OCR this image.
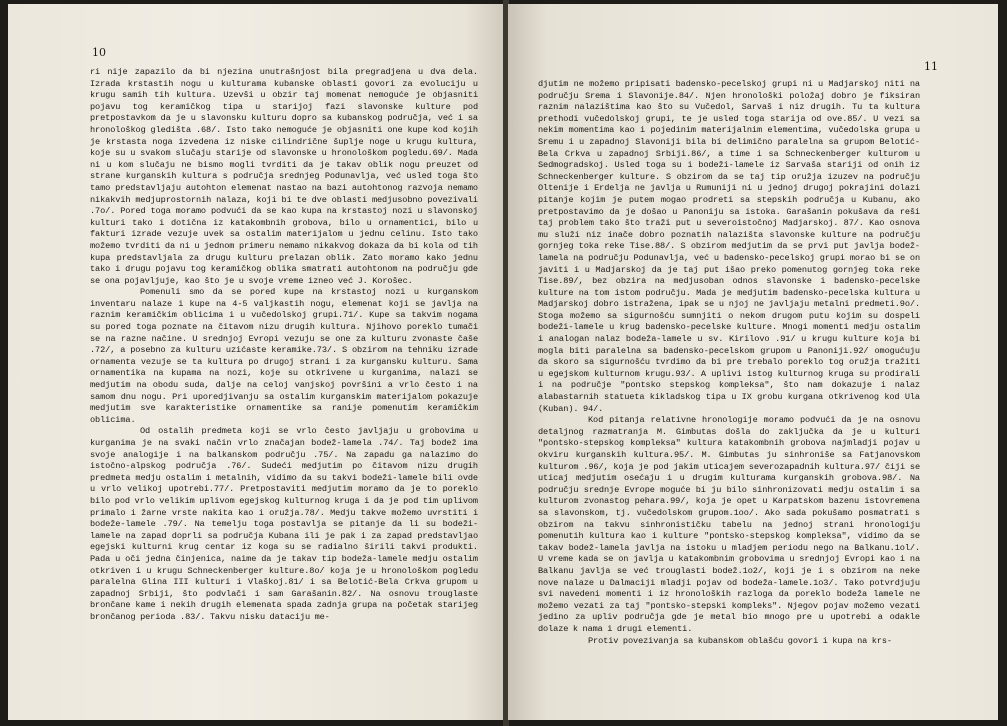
10

ri nije zapazilo da bi njezina unutrašnjost bila pregradjena u dva dela. Izrada krstastih nogu u kulturama kubanske oblasti govori za evoluciju u krugu samih tih kultura. Uzevši u obzir taj momenat nemoguće je objasniti pojavu tog keramičkog tipa u starijoj fazi slavonske kulture pod pretpostavkom da je u slavonsku kulturu dopro sa kubanskog područja, već i sa hronološkog gledišta .68/. Isto tako nemoguće je objasniti one kupe kod kojih je krstasta noga izvedena iz niske cilindrične šuplje noge u krugu kultura, koje su u svakom slučaju starije od slavonske u hronološkom pogledu.69/. Mada ni u kom slučaju ne bismo mogli tvrditi da je takav oblik nogu preuzet od strane kurganskih kultura s područja srednjeg Podunavlja, već usled toga što tamo predstavljaju autohton elemenat nastao na bazi autohtonog razvoja nemamo nikakvih medjuprostornih nalaza, koji bi te dve oblasti medjusobno povezivali .7o/. Pored toga moramo podvući da se kao kupa na krstastoj nozi u slavonskoj kulturi tako i dotična iz katakombnih grobova, bilo u ornamentici, bilo u fakturi izrade vezuje uvek sa ostalim materijalom u jednu celinu. Isto tako možemo tvrditi da ni u jednom primeru nemamo nikakvog dokaza da bi kola od tih kupa predstavljala za drugu kulturu prelazan oblik. Zato moramo kako jednu tako i drugu pojavu tog keramičkog oblika smatrati autohtonom na području gde se ona pojavljuje, kao što je u svoje vreme izneo već J. Korošec.

Pomenuli smo da se pored kupe na krstastoj nozi u kurganskom inventaru nalaze i kupe na 4-5 valjkastih nogu, elemenat koji se javlja na raznim keramičkim oblicima i u vučedolskoj grupi.71/. Kupe sa takvim nogama su pored toga poznate na čitavom nizu drugih kultura. Njihovo poreklo tumači se na razne načine. U srednjoj Evropi vezuju se one za kulturu zvonaste čaše .72/, a posebno za kulturu uzićaste keramike.73/. S obzirom na tehniku izrade ornamenta vezuje se ta kultura po drugoj strani i za kurgansku kulturu. Sama ornamentika na kupama na nozi, koje su otkrivene u kurganima, nalazi se medjutim na obodu suda, dalje na celoj vanjskoj površini a vrlo često i na samom dnu nogu. Pri uporedjivanju sa ostalim kurganskim materijalom pokazuje medjutim sve karakteristike ornamentike sa ranije pomenutim keramičkim oblicima.

Od ostalih predmeta koji se vrlo često javljaju u grobovima u kurganima je na svaki način vrlo značajan bodež-lamela .74/. Taj bodež ima svoje analogije i na balkanskom području .75/. Na zapadu ga nalazimo do istočno-alpskog područja .76/. Sudeći medjutim po čitavom nizu drugih predmeta medju ostalim i metalnih, vidimo da su takvi bodeži-lamele bili ovde u vrlo velikoj upotrebi.77/. Pretpostaviti medjutim moramo da je to poreklo bilo pod vrlo velikim uplivom egejskog kulturnog kruga i da je pod tim uplivom primalo i žarne vrste nakita kao i oružja.78/. Medju takve možemo uvrstiti i bodeže-lamele .79/. Na temelju toga postavlja se pitanje da li su bodeži-lamele na zapad doprli sa područja Kubana ili je pak i za zapad predstavljao egejski kulturni krug centar iz koga su se radialno širili takvi produkti. Pada u oči jedna činjenica, naime da je takav tip bodeža-lamele medju ostalim otkriven i u krugu Schneckenberger kulture.8o/ koja je u hronološkom pogledu paralelna Glina III kulturi i Vlaškoj.81/ i sa Belotić-Bela Crkva grupom u zapadnoj Srbiji, što podvlači i sam Garašanin.82/. Na osnovu trouglaste brončane kame i nekih drugih elemenata spada zadnja grupa na početak starijeg brončanog perioda .83/. Takvu nisku dataciju me-

11

djutim ne možemo pripisati badensko-pecelskoj grupi ni u Madjarskoj niti na području Srema i Slavonije.84/. Njen hronološki položaj dobro je fiksiran raznim nalazištima kao što su Vučedol, Sarvaš i niz drugih. Tu ta kultura prethodi vučedolskoj grupi, te je usled toga starija od ove.85/. U vezi sa nekim momentima kao i pojedinim materijalnim elementima, vučedolska grupa u Sremu i u zapadnoj Slavoniji bila bi delimično paralelna sa grupom Belotić-Bela Crkva u zapadnoj Srbiji.86/, a time i sa Schneckenberger kulturom u Sedmogradskoj. Usled toga su i bodeži-lamele iz Sarvaša stariji od onih iz Schneckenberger kulture. S obzirom da se taj tip oružja izuzev na području Oltenije i Erdelja ne javlja u Rumuniji ni u jednoj drugoj pokrajini dolazi pitanje kojim je putem mogao prodreti sa stepskih područja u Kubanu, ako pretpostavimo da je došao u Panoniju sa istoka. Garašanin pokušava da reši taj problem tako što traži put u severoistočnoj Madjarskoj. 87/. Kao osnova mu služi niz inače dobro poznatih nalazišta slavonske kulture na području gornjeg toka reke Tise.88/. S obzirom medjutim da se prvi put javlja bodež-lamela na području Podunavlja, već u badensko-pecelskoj grupi morao bi se on javiti i u Madjarskoj da je taj put išao preko pomenutog gornjeg toka reke Tise.89/, bez obzira na medjusoban odnos slavonske i badensko-pecelske kulture na tom istom području. Mada je medjutim badensko-pecelska kultura u Madjarskoj dobro istražena, ipak se u njoj ne javljaju metalni predmeti.9o/. Stoga možemo sa sigurnošću sumnjiti o nekom drugom putu kojim su dospeli bodeži-lamele u krug badensko-pecelske kulture. Mnogi momenti medju ostalim i analogan nalaz bodeža-lamele u sv. Kirilovo .91/ u krugu kulture koja bi mogla biti paralelna sa badensko-pecelskom grupom u Panoniji.92/ omogućuju da skoro sa sigurnošću tvrdimo da bi pre trebalo poreklo tog oružja tražiti u egejskom kulturnom krugu.93/. A uplivi istog kulturnog kruga su prodirali i na područje "pontsko stepskog kompleksa", što nam dokazuje i nalaz alabastarnih statueta kikladskog tipa u IX grobu kurgana otkrivenog kod Ula (Kuban). 94/.

Kod pitanja relativne hronologije moramo podvući da je na osnovu detaljnog razmatranja M. Gimbutas došla do zaključka da je u kulturi "pontsko-stepskog kompleksa" kultura katakombnih grobova najmladji pojav u okviru kurganskih kultura.95/. M. Gimbutas ju sinhroniše sa Fatjanovskom kulturom .96/, koja je pod jakim uticajem severozapadnih kultura.97/ čiji se uticaj medjutim osećaju i u drugim kulturama kurganskih grobova.98/. Na području srednje Evrope moguće bi ju bilo sinhronizovati medju ostalim i sa kulturom zvonastog pehara.99/, koja je opet u Karpatskom bazenu istovremena sa slavonskom, tj. vučedolskom grupom.1oo/. Ako sada pokušamo posmatrati s obzirom na takvu sinhronističku tabelu na jednoj strani hronologiju pomenutih kultura kao i kulture "pontsko-stepskog kompleksa", vidimo da se takav bodež-lamela javlja na istoku u mladjem periodu nego na Balkanu.1ol/. U vreme kada se on javlja u katakombnim grobovima u srednjoj Evropi kao i na Balkanu javlja se već trouglasti bodež.1o2/, koji je i s obzirom na neke nove nalaze u Dalmaciji mladji pojav od bodeža-lamele.1o3/. Tako potvrdjuju svi navedeni momenti i iz hronoloških razloga da poreklo bodeža lamele ne možemo vezati za taj "pontsko-stepski kompleks". Njegov pojav možemo vezati jedino za upliv područja gde je metal bio mnogo pre u upotrebi a odakle dolaze k nama i drugi elementi.

Protiv povezivanja sa kubanskom oblašću govori i kupa na krs-
